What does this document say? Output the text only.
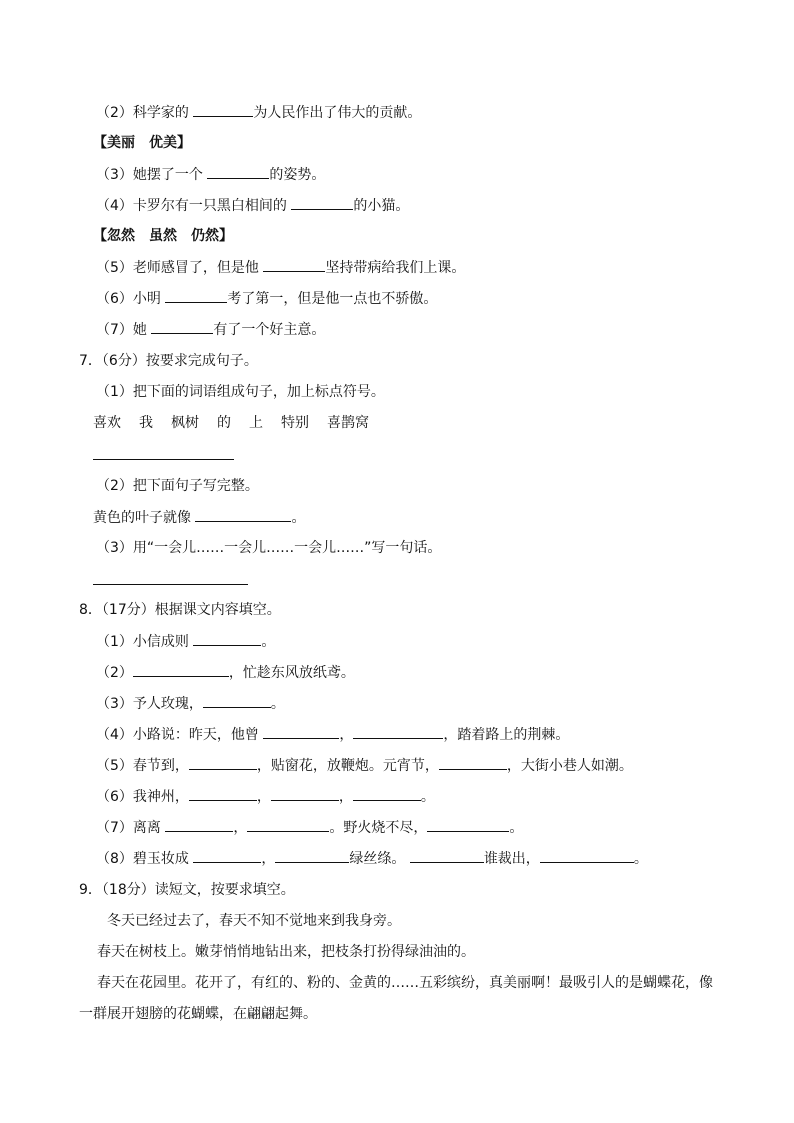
（2）科学家的	为人民作出了伟大的贡献。
【美丽　优美】
（3）她摆了一个	的姿势。
（4）卡罗尔有一只黑白相间的	的小猫。
【忽然　虽然　仍然】
（5）老师感冒了，但是他	坚持带病给我们上课。
（6）小明	考了第一，但是他一点也不骄傲。
（7）她	有了一个好主意。
7．（6分）按要求完成句子。
（1）把下面的词语组成句子，加上标点符号。
喜欢 我 枫树 的 上 特别 喜鹊窝
（2）把下面句子写完整。
黄色的叶子就像	。
（3）用“一会儿……一会儿……一会儿……”写一句话。
8．（17分）根据课文内容填空。
（1）小信成则	。
（2）	，忙趁东风放纸鸢。
（3）予人玫瑰，	。
（4）小路说：昨天，他曾	，	，踏着路上的荆棘。
（5）春节到，	，贴窗花，放鞭炮。元宵节，	，大街小巷人如潮。
（6）我神州，	，	，	。
（7）离离	，	。野火烧不尽，	。
（8）碧玉妆成	，	绿丝绦。	谁裁出，	。
9．（18分）读短文，按要求填空。
冬天已经过去了，春天不知不觉地来到我身旁。
春天在树枝上。嫩芽悄悄地钻出来，把枝条打扮得绿油油的。
春天在花园里。花开了，有红的、粉的、金黄的……五彩缤纷，真美丽啊！最吸引人的是蝴蝶花，像
一群展开翅膀的花蝴蝶，在翩翩起舞。
